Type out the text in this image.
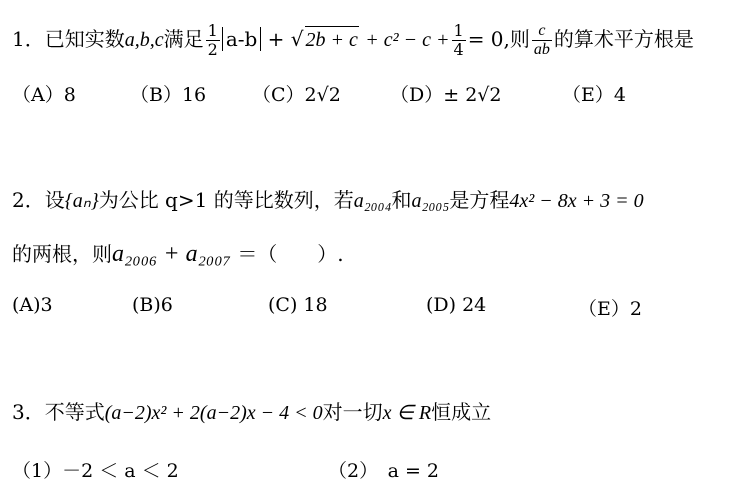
1．已知实数a,b,c满足 $\frac{1}{2} a-b$ + √ $2b + c + c^2 - c + \frac{1}{4} = 0$,则 $\frac{c}{ab}$ 的算术平方根是
（A）8	（B）16 （C）2√2	（D）± 2√2	（E）4
2．设{aₙ}为公比 q>1 的等比数列，若a₂₀₀₄和a₂₀₀₅是方程4x² − 8x + 3 = 0
的两根，则a₂₀₀₆ + a₂₀₀₇ ＝（　　）.
(A)3	(B)6	(C) 18	(D) 24	（E）2
3．不等式(a−2)x² + 2(a−2)x − 4 < 0对一切x ∈ R恒成立
（1）－2 ＜ a ＜ 2	（2）　a = 2
